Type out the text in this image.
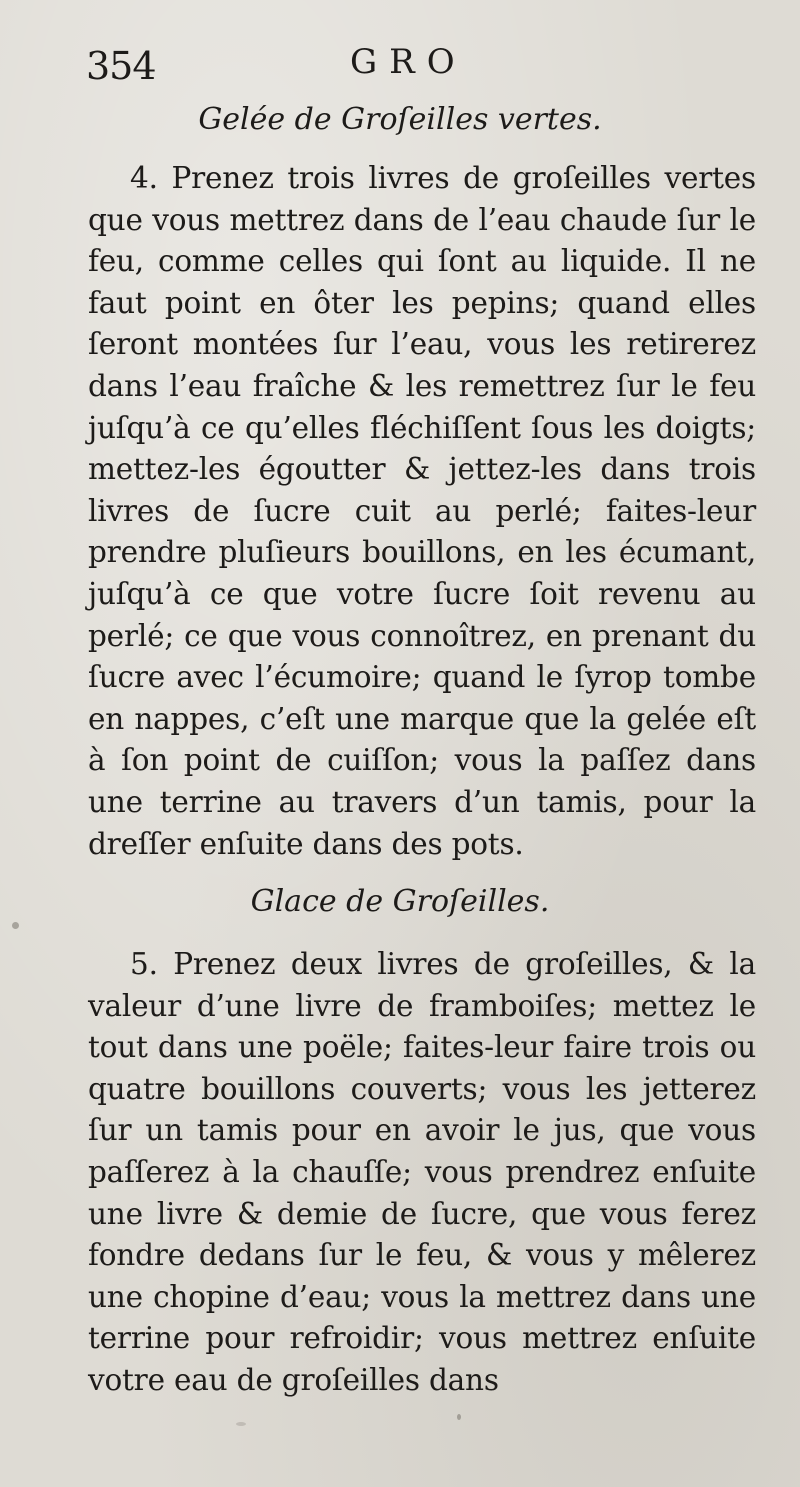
354	GRO
Gelée de Groſeilles vertes.

4. Prenez trois livres de groſeilles vertes que vous mettrez dans de l’eau chaude ſur le feu, comme celles qui ſont au liquide. Il ne faut point en ôter les pepins; quand elles ſeront montées ſur l’eau, vous les retirerez dans l’eau fraîche & les remettrez ſur le feu juſqu’à ce qu’elles fléchiſſent ſous les doigts; mettez-les égoutter & jettez-les dans trois livres de ſucre cuit au perlé; faites-leur prendre pluſieurs bouillons, en les écumant, juſqu’à ce que votre ſucre ſoit revenu au perlé; ce que vous connoîtrez, en prenant du ſucre avec l’écumoire; quand le ſyrop tombe en nappes, c’eſt une marque que la gelée eſt à ſon point de cuiſſon; vous la paſſez dans une terrine au travers d’un tamis, pour la dreſſer enſuite dans des pots.

Glace de Groſeilles.

5. Prenez deux livres de groſeilles, & la valeur d’une livre de framboiſes; mettez le tout dans une poële; faites-leur faire trois ou quatre bouillons couverts; vous les jetterez ſur un tamis pour en avoir le jus, que vous paſſerez à la chauſſe; vous prendrez enſuite une livre & demie de ſucre, que vous ferez fondre dedans ſur le feu, & vous y mêlerez une chopine d’eau; vous la mettrez dans une terrine pour refroidir; vous mettrez enſuite votre eau de groſeilles dans
